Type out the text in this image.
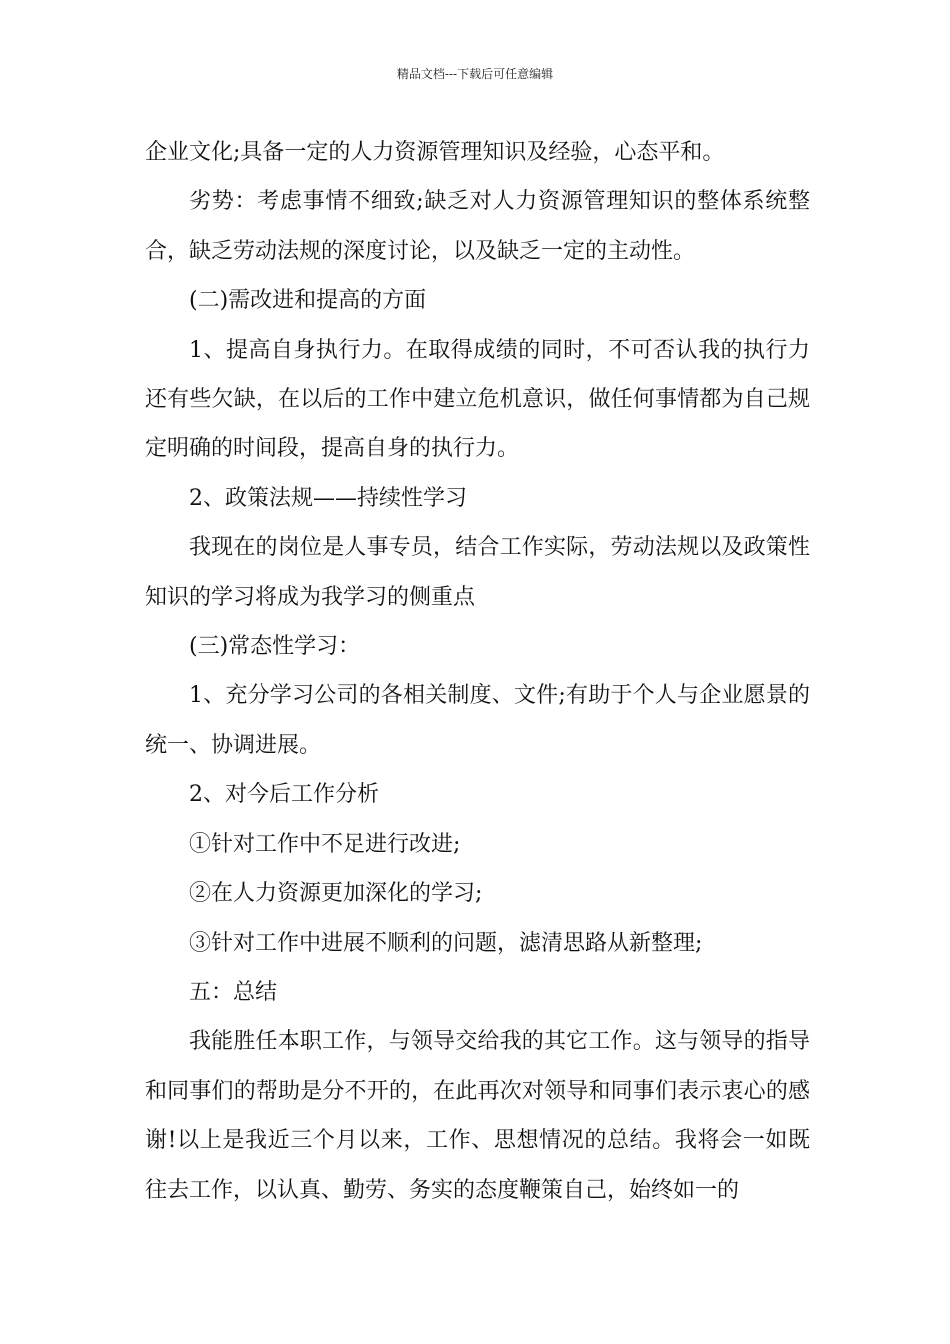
精品文档---下载后可任意编辑

企业文化;具备一定的人力资源管理知识及经验，心态平和。

劣势：考虑事情不细致;缺乏对人力资源管理知识的整体系统整合，缺乏劳动法规的深度讨论，以及缺乏一定的主动性。

(二)需改进和提高的方面

1、提高自身执行力。在取得成绩的同时，不可否认我的执行力还有些欠缺，在以后的工作中建立危机意识，做任何事情都为自己规定明确的时间段，提高自身的执行力。

2、政策法规——持续性学习

我现在的岗位是人事专员，结合工作实际，劳动法规以及政策性知识的学习将成为我学习的侧重点

(三)常态性学习：

1、充分学习公司的各相关制度、文件;有助于个人与企业愿景的统一、协调进展。

2、对今后工作分析

①针对工作中不足进行改进;

②在人力资源更加深化的学习;

③针对工作中进展不顺利的问题，滤清思路从新整理;

五：总结

我能胜任本职工作，与领导交给我的其它工作。这与领导的指导和同事们的帮助是分不开的，在此再次对领导和同事们表示衷心的感谢!以上是我近三个月以来，工作、思想情况的总结。我将会一如既往去工作，以认真、勤劳、务实的态度鞭策自己，始终如一的
